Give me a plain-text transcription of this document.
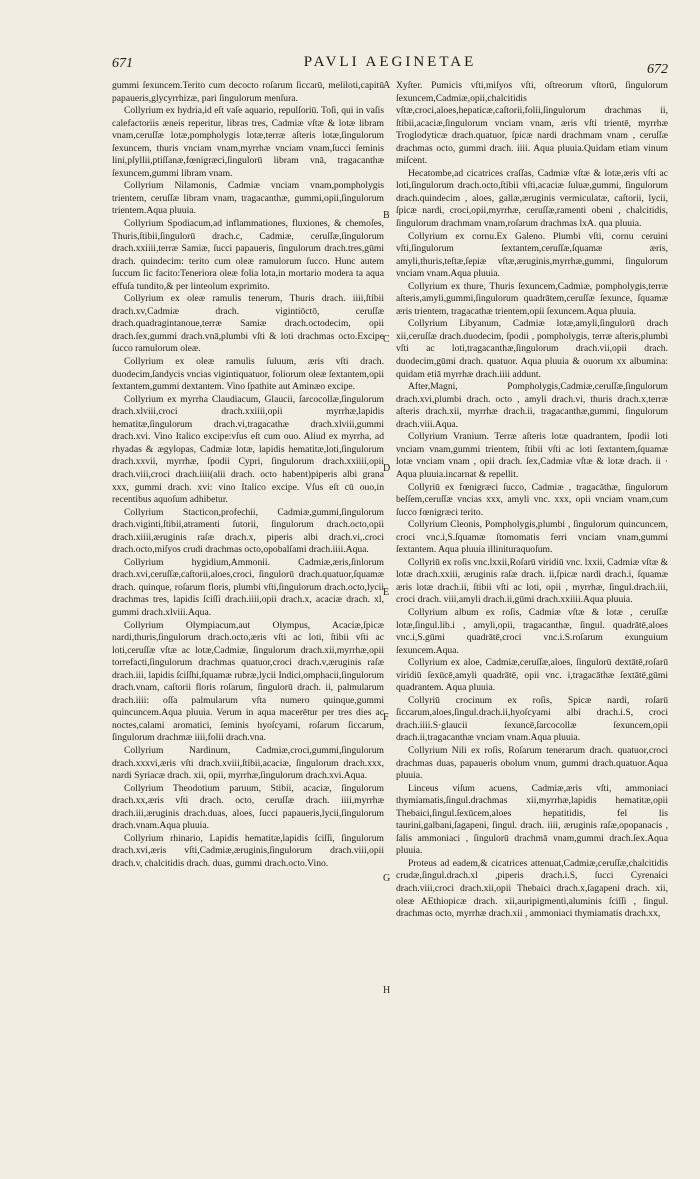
671	PAVLI AEGINETAE	672

gummi ſexuncem.Terito cum decocto roſarum ſiccarū, meliloti,capitū papaueris,glycyrrhizæ, pari ſingulorum menſura.

Collyrium ex hydria,id eſt vaſe aquario, repulſoriū. Toſi, qui in vaſis calefactoriis æneis reperitur, libras tres, Cadmiæ vſtæ & lotæ libram vnam,ceruſſæ lotæ,pompholygis lotæ,terræ aſteris lotæ,ſingulorum ſexuncem, thuris vnciam vnam,myrrhæ vnciam vnam,ſucci ſeminis lini,pſyllii,ptiſſanæ,fœnigræci,ſingulorū libram vnā, tragacanthæ ſexuncem,gummi libram vnam.

Collyrium Nilamonis, Cadmiæ vnciam vnam,pompholygis trientem, ceruſſæ libram vnam, tragacanthæ, gummi,opii,ſingulorum trientem.Aqua pluuia.

Collyrium Spodiacum,ad inflammationes, fluxiones, & chemoſes, Thuris,ſtibii,ſingulorū drach.c, Cadmiæ, ceruſſæ,ſingulorum drach.xxiiii,terræ Samiæ, ſucci papaueris, ſingulorum drach.tres,gūmi drach. quindecim: terito cum oleæ ramulorum ſucco. Hunc autem ſuccum ſic facito:Teneriora oleæ folia lota,in mortario modera ta aqua effuſa tundito,& per linteolum exprimito.

Collyrium ex oleæ ramulis tenerum, Thuris drach. iiii,ſtibii drach.xv,Cadmiæ drach. vigintiōctō, ceruſſæ drach.quadragintanoue,terræ Samiæ drach.octodecim, opii drach.ſex,gummi drach.vnā,plumbi vſti & loti drachmas octo.Excipe ſucco ramulorum oleæ.

Collyrium ex oleæ ramulis ſuluum, æris vſti drach. duodecim,ſandycis vncias vigintiquatuor, foliorum oleæ ſextantem,opii ſextantem,gummi dextantem. Vino ſpathite aut Aminæo excipe.

Collyrium ex myrrha Claudiacum, Glaucii, ſarcocollæ,ſingulorum drach.xlviii,croci drach.xxiiii,opii myrrhæ,lapidis hematitæ,ſingulorum drach.vi,tragacathæ drach.xlviii,gummi drach.xvi. Vino Italico excipe:vſus eſt cum ouo. Aliud ex myrrha, ad rhyadas & ægylopas, Cadmiæ lotæ, lapidis hematitæ,loti,ſingulorum drach.xxvii, myrrhæ, ſpodii Cypri, ſingulorum drach.xxiiii,opii drach.viii,croci drach.iiii(alii drach. octo habent)piperis albi grana xxx, gummi drach. xvi: vino Italico excipe. Vſus eſt cū ouo,in recentibus aquoſum adhibetur.

Collyrium Stacticon,profechii, Cadmiæ,gummi,ſingulorum drach.viginti,ſtibii,atramenti ſutorii, ſingulorum drach.octo,opii drach.xiiii,æruginis raſæ drach.x, piperis albi drach.vi,.croci drach.octo,miſyos crudi drachmas octo,opobalſami drach.iiii.Aqua.

Collyrium hygidium,Ammonii. Cadmiæ,æris,ſinlorum drach.xvi,ceruſſæ,caſtorii,aloes,croci, ſingulorū drach.quatuor,ſquamæ drach. quinque, roſarum floris, plumbi vſti,ſingulorum drach.octo,lycii drachmas tres, lapidis ſciſſi drach.iiii,opii drach.x, acaciæ drach. xl, gummi drach.xlviii.Aqua.

Collyrium Olympiacum,aut Olympus, Acaciæ,ſpicæ nardi,thuris,ſingulorum drach.octo,æris vſti ac loti, ſtibii vſti ac loti,ceruſſæ vſtæ ac lotæ,Cadmiæ, ſingulorum drach.xii,myrrhæ,opii torrefacti,ſingulorum drachmas quatuor,croci drach.v,æruginis raſæ drach.iii, lapidis ſciſſhi,ſquamæ rubræ,lycii Indici,omphacii,ſingulorum drach.vnam, caſtorii floris roſarum, ſingulorū drach. ii, palmularum drach.iiii: oſſa palmularum vſta numero quinque,gummi quincuncem.Aqua pluuia. Verum in aqua macerētur per tres dies ac noctes,calami aromatici, ſeminis hyoſcyami, roſarum ſiccarum, ſingulorum drachmæ iiii,folii drach.vna.

Collyrium Nardinum, Cadmiæ,croci,gummi,ſingulorum drach.xxxvi,æris vſti drach.xviii,ſtibii,acaciæ, ſingulorum drach.xxx, nardi Syriacæ drach. xii, opii, myrrhæ,ſingulorum drach.xvi.Aqua.

Collyrium Theodotium paruum, Stibii, acaciæ, ſingulorum drach.xx,æris vſti drach. octo, ceruſſæ drach. iiii,myrrhæ drach.iii,æruginis drach.duas, aloes, ſucci papaueris,lycii,ſingulorum drach.vnam.Aqua pluuia.

Collyrium rhinario, Lapidis hematitæ,lapidis ſciſſi, ſingulorum drach.xvi,æris vſti,Cadmiæ,æruginis,ſingulorum drach.viii,opii drach.v, chalcitidis drach. duas, gummi drach.octo.Vino.

A
B
C
D
E
F
G
H

Xyſter. Pumicis vſti,miſyos vſti, oſtreorum vſtorū, ſingulorum ſexuncem,Cadmiæ,opii,chalcitidis vſtæ,croci,aloes,hepaticæ,caſtorii,folii,ſingulorum drachmas ii, ſtibii,acaciæ,ſingulorum vnciam vnam, æris vſti trientē, myrrhæ Troglodyticæ drach.quatuor, ſpicæ nardi drachmam vnam , ceruſſæ drachmas octo, gummi drach. iiii. Aqua pluuia.Quidam etiam vinum miſcent.

Hecatombe,ad cicatrices craſſas, Cadmiæ vſtæ & lotæ,æris vſti ac loti,ſingulorum drach.octo,ſtibii vſti,acaciæ ſuluæ,gummi, ſingulorum drach.quindecim , aloes, gallæ,æruginis vermiculatæ, caſtorii, lycii, ſpicæ nardi, croci,opii,myrrhæ, ceruſſæ,ramenti obeni , chalcitidis, ſingulorum drachmam vnam,roſarum drachmas lxA. qua pluuia.

Collyrium ex cornu.Ex Galeno. Plumbi vſti, cornu ceruini vſti,ſingulorum ſextantem,ceruſſæ,ſquamæ æris, amyli,thuris,teſtæ,ſepiæ vſtæ,æruginis,myrrhæ,gummi, ſingulorum vnciam vnam.Aqua pluuia.

Collyrium ex thure, Thuris ſexuncem,Cadmiæ, pompholygis,terræ aſteris,amyli,gummi,ſingulorum quadrātem,ceruſſæ ſexunce, ſquamæ æris trientem, tragacathæ trientem,opii ſexuncem.Aqua pluuia.

Collyrium Libyanum, Cadmiæ lotæ,amyli,ſingulorū drach xii,ceruſſæ drach.duodecim, ſpodii , pompholygis, terræ aſteris,plumbi vſti ac loti,tragacanthæ,ſingulorum drach.vii,opii drach. duodecim,gūmi drach. quatuor. Aqua pluuia & ouorum xx albumina: quidam etiā myrrhæ drach.iiii addunt.

After,Magni, Pompholygis,Cadmiæ,ceruſſæ,ſingulorum drach.xvi,plumbi drach. octo , amyli drach.vi, thuris drach.x,terræ aſteris drach.xii, myrrhæ drach.ii, tragacanthæ,gummi, ſingulorum drach.viii.Aqua.

Collyrium Vranium. Terræ aſteris lotæ quadrantem, ſpodii loti vnciam vnam,gummi trientem, ſtibii vſti ac loti ſextantem,ſquamæ lotæ vnciam vnam , opii drach. ſex,Cadmiæ vſtæ & lotæ drach. ii · Aqua pluuia.incarnat & repellit.

Collyriū ex fœnigræci ſucco, Cadmiæ , tragacāthæ, ſingulorum beſſem,ceruſſæ vncias xxx, amyli vnc. xxx, opii vnciam vnam,cum ſucco fœnigræci terito.

Collyrium Cleonis, Pompholygis,plumbi , ſingulorum quincuncem, croci vnc.i,S.ſquamæ ſtomomatis ferri vnciam vnam,gummi ſextantem. Aqua pluuia illinituraquoſum.

Collyriū ex roſis vnc.lxxii,Roſarū viridiū vnc. lxxii, Cadmiæ vſtæ & lotæ drach.xxiii, æruginis raſæ drach. ii,ſpicæ nardi drach.i, ſquamæ æris lotæ drach.ii, ſtibii vſti ac loti, opii , myrrhæ, ſingul.drach.iii, croci drach. viii,amyli drach.ii,gūmi drach.xxiiii.Aqua pluuia.

Collyrium album ex roſis, Cadmiæ vſtæ & lotæ , ceruſſæ lotæ,ſingul.lib.i , amyli,opii, tragacanthæ, ſingul. quadrātē,aloes vnc.i,S.gūmi quadrātē,croci vnc.i.S.roſarum exunguium ſexuncem.Aqua.

Collyrium ex aloe, Cadmiæ,ceruſſæ,aloes, ſingulorū dextātē,roſarū viridiū ſexūcē,amyli quadrātē, opii vnc. i,tragacāthæ ſextātē,gūmi quadrantem. Aqua pluuia.

Collyriū crocinum ex roſis, Spicæ nardi, roſarū ſiccarum,aloes,ſingul.drach.ii,hyoſcyami albi drach.i.S, croci drach.iiii.S·glaucii ſexuncē,ſarcocollæ ſexuncem,opii drach.ii,tragacanthæ vnciam vnam.Aqua pluuia.

Collyrium Nili ex roſis, Roſarum tenerarum drach. quatuor,croci drachmas duas, papaueris obolum vnum, gummi drach.quatuor.Aqua pluuia.

Linceus viſum acuens, Cadmiæ,æris vſti, ammoniaci thymiamatis,ſingul.drachmas xii,myrrhæ,lapidis hematitæ,opii Thebaici,ſingul.ſexūcem,aloes hepatitidis, fel lis taurini,galbani,ſagapeni, ſingul. drach. iiii, æruginis raſæ,opopanacis , ſalis ammoniaci , ſingulorū drachmā vnam,gummi drach.ſex.Aqua pluuia.

Proteus ad eadem,& cicatrices attenuat,Cadmiæ,ceruſſæ,chalcitidis crudæ,ſingul.drach.xl ,piperis drach.i.S, ſucci Cyrenaici drach.viii,croci drach.xii,opii Thebaici drach.x,ſagapeni drach. xii, oleæ AEthiopicæ drach. xii,auripigmenti,aluminis ſciſſi , ſingul. drachmas octo, myrrhæ drach.xii , ammoniaci thymiamatis drach.xx,
